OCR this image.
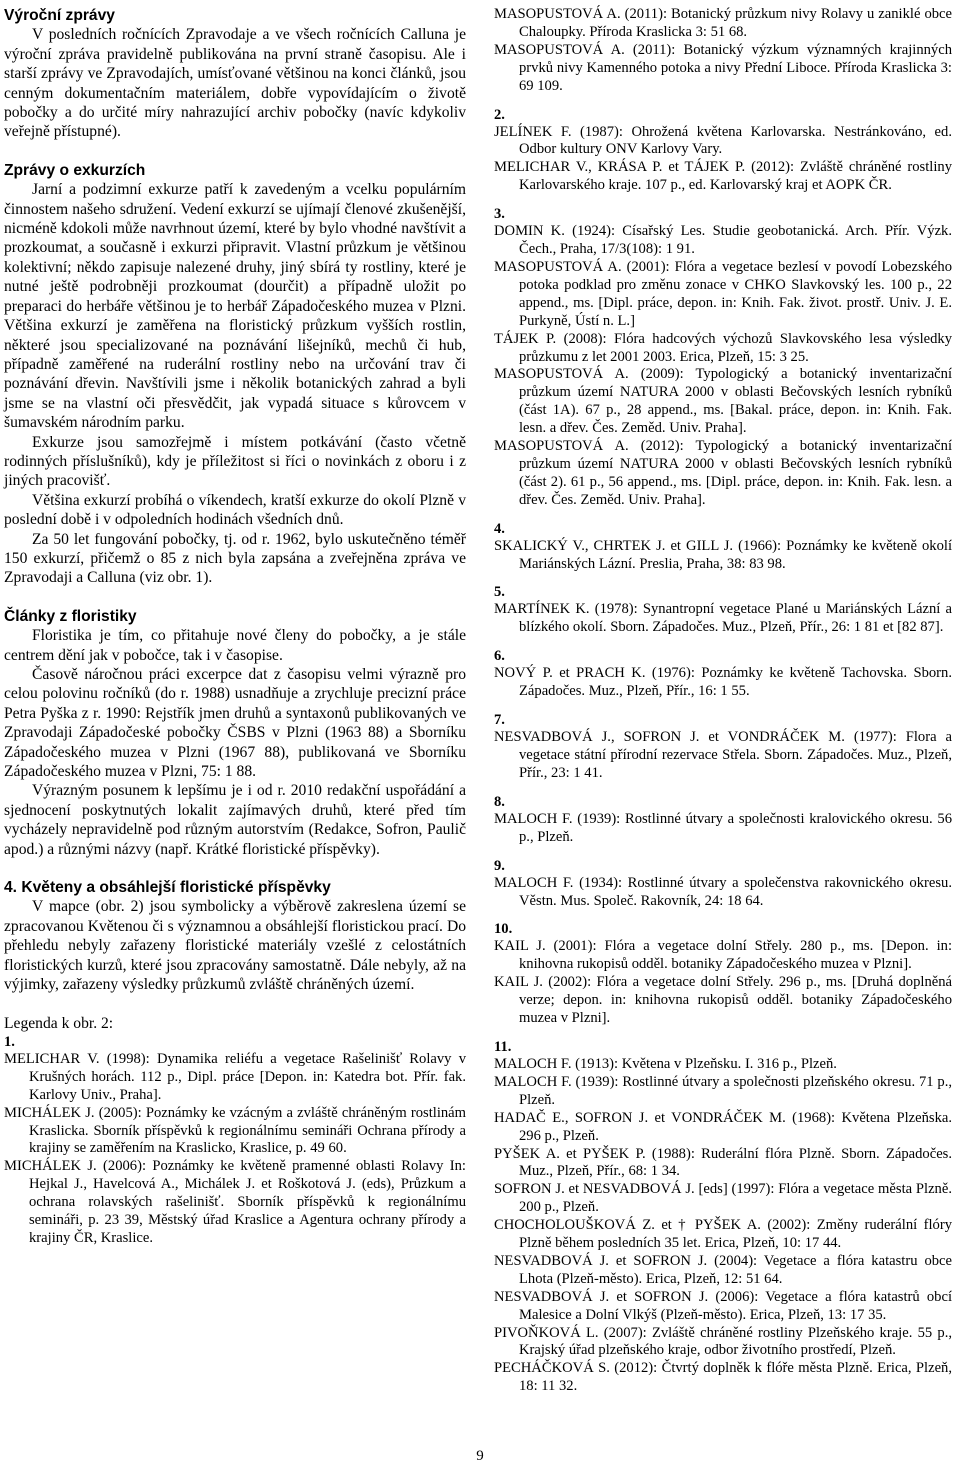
Výroční zprávy

V posledních ročnících Zpravodaje a ve všech ročnících Calluna je výroční zpráva pravidelně publikována na první straně časopisu. Ale i starší zprávy ve Zpravodajích, umísťované většinou na konci článků, jsou cenným dokumentačním materiálem, dobře vypovídajícím o životě pobočky a do určité míry nahrazující archiv pobočky (navíc kdykoliv veřejně přístupné).

Zprávy o exkurzích

Jarní a podzimní exkurze patří k zavedeným a vcelku populárním činnostem našeho sdružení. Vedení exkurzí se ujímají členové zkušenější, nicméně kdokoli může navrhnout území, které by bylo vhodné navštívit a prozkoumat, a současně i exkurzi připravit. Vlastní průzkum je většinou kolektivní; někdo zapisuje nalezené druhy, jiný sbírá ty rostliny, které je nutné ještě podrobněji prozkoumat (dourčit) a případně uložit po preparaci do herbáře většinou je to herbář Západočeského muzea v Plzni. Většina exkurzí je zaměřena na floristický průzkum vyšších rostlin, některé jsou specializované na poznávání lišejníků, mechů či hub, případně zaměřené na ruderální rostliny nebo na určování trav či poznávání dřevin. Navštívili jsme i několik botanických zahrad a byli jsme se na vlastní oči přesvědčit, jak vypadá situace s kůrovcem v šumavském národním parku.

Exkurze jsou samozřejmě i místem potkávání (často včetně rodinných příslušníků), kdy je příležitost si říci o novinkách z oboru i z jiných pracovišť.

Většina exkurzí probíhá o víkendech, kratší exkurze do okolí Plzně v poslední době i v odpoledních hodinách všedních dnů.

Za 50 let fungování pobočky, tj. od r. 1962, bylo uskutečněno téměř 150 exkurzí, přičemž o 85 z nich byla zapsána a zveřejněna zpráva ve Zpravodaji a Calluna (viz obr. 1).

Články z floristiky

Floristika je tím, co přitahuje nové členy do pobočky, a je stále centrem dění jak v pobočce, tak i v časopise.

Časově náročnou práci excerpce dat z časopisu velmi výrazně pro celou polovinu ročníků (do r. 1988) usnadňuje a zrychluje precizní práce Petra Pyška z r. 1990: Rejstřík jmen druhů a syntaxonů publikovaných ve Zpravodaji Západočeské pobočky ČSBS v Plzni (1963 88) a Sborníku Západočeského muzea v Plzni (1967 88), publikovaná ve Sborníku Západočeského muzea v Plzni, 75: 1 88.

Výrazným posunem k lepšímu je i od r. 2010 redakční uspořádání a sjednocení poskytnutých lokalit zajímavých druhů, které před tím vycházely nepravidelně pod různým autorstvím (Redakce, Sofron, Paulič apod.) a různými názvy (např. Krátké floristické příspěvky).

4. Květeny a obsáhlejší floristické příspěvky

V mapce (obr. 2) jsou symbolicky a výběrově zakreslena území se zpracovanou Květenou či s významnou a obsáhlejší floristickou prací. Do přehledu nebyly zařazeny floristické materiály vzešlé z celostátních floristických kurzů, které jsou zpracovány samostatně. Dále nebyly, až na výjimky, zařazeny výsledky průzkumů zvláště chráněných území.

Legenda k obr. 2:

1.

MELICHAR V. (1998): Dynamika reliéfu a vegetace Rašelinišť Rolavy v Krušných horách. 112 p., Dipl. práce [Depon. in: Katedra bot. Přír. fak. Karlovy Univ., Praha].

MICHÁLEK J. (2005): Poznámky ke vzácným a zvláště chráněným rostlinám Kraslicka. Sborník příspěvků k regionálnímu semináři Ochrana přírody a krajiny se zaměřením na Kraslicko, Kraslice, p. 49 60.

MICHÁLEK J. (2006): Poznámky ke květeně pramenné oblasti Rolavy In: Hejkal J., Havelcová A., Michálek J. et Roškotová J. (eds), Průzkum a ochrana rolavských rašelinišť. Sborník příspěvků k regionálnímu semináři, p. 23 39, Městský úřad Kraslice a Agentura ochrany přírody a krajiny ČR, Kraslice.

MASOPUSTOVÁ A. (2011): Botanický průzkum nivy Rolavy u zaniklé obce Chaloupky. Příroda Kraslicka 3: 51 68.

MASOPUSTOVÁ A. (2011): Botanický výzkum významných krajinných prvků nivy Kamenného potoka a nivy Přední Liboce. Příroda Kraslicka 3: 69 109.

2.

JELÍNEK F. (1987): Ohrožená květena Karlovarska. Nestránkováno, ed. Odbor kultury ONV Karlovy Vary.

MELICHAR V., KRÁSA P. et TÁJEK P. (2012): Zvláště chráněné rostliny Karlovarského kraje. 107 p., ed. Karlovarský kraj et AOPK ČR.

3.

DOMIN K. (1924): Císařský Les. Studie geobotanická. Arch. Přír. Výzk. Čech., Praha, 17/3(108): 1 91.

MASOPUSTOVÁ A. (2001): Flóra a vegetace bezlesí v povodí Lobezského potoka podklad pro změnu zonace v CHKO Slavkovský les. 100 p., 22 append., ms. [Dipl. práce, depon. in: Knih. Fak. život. prostř. Univ. J. E. Purkyně, Ústí n. L.]

TÁJEK P. (2008): Flóra hadcových výchozů Slavkovského lesa výsledky průzkumu z let 2001 2003. Erica, Plzeň, 15: 3 25.

MASOPUSTOVÁ A. (2009): Typologický a botanický inventarizační průzkum území NATURA 2000 v oblasti Bečovských lesních rybníků (část 1A). 67 p., 28 append., ms. [Bakal. práce, depon. in: Knih. Fak. lesn. a dřev. Čes. Zeměd. Univ. Praha].

MASOPUSTOVÁ A. (2012): Typologický a botanický inventarizační průzkum území NATURA 2000 v oblasti Bečovských lesních rybníků (část 2). 61 p., 56 append., ms. [Dipl. práce, depon. in: Knih. Fak. lesn. a dřev. Čes. Zeměd. Univ. Praha].

4.

SKALICKÝ V., CHRTEK J. et GILL J. (1966): Poznámky ke květeně okolí Mariánských Lázní. Preslia, Praha, 38: 83 98.

5.

MARTÍNEK K. (1978): Synantropní vegetace Plané u Mariánských Lázní a blízkého okolí. Sborn. Západočes. Muz., Plzeň, Přír., 26: 1 81 et [82 87].

6.

NOVÝ P. et PRACH K. (1976): Poznámky ke květeně Tachovska. Sborn. Západočes. Muz., Plzeň, Přír., 16: 1 55.

7.

NESVADBOVÁ J., SOFRON J. et VONDRÁČEK M. (1977): Flora a vegetace státní přírodní rezervace Střela. Sborn. Západočes. Muz., Plzeň, Přír., 23: 1 41.

8.

MALOCH F. (1939): Rostlinné útvary a společnosti kralovického okresu. 56 p., Plzeň.

9.

MALOCH F. (1934): Rostlinné útvary a společenstva rakovnického okresu. Věstn. Mus. Společ. Rakovník, 24: 18 64.

10.

KAIL J. (2001): Flóra a vegetace dolní Střely. 280 p., ms. [Depon. in: knihovna rukopisů odděl. botaniky Západočeského muzea v Plzni].

KAIL J. (2002): Flóra a vegetace dolní Střely. 296 p., ms. [Druhá doplněná verze; depon. in: knihovna rukopisů odděl. botaniky Západočeského muzea v Plzni].

11.

MALOCH F. (1913): Květena v Plzeňsku. I. 316 p., Plzeň.

MALOCH F. (1939): Rostlinné útvary a společnosti plzeňského okresu. 71 p., Plzeň.

HADAČ E., SOFRON J. et VONDRÁČEK M. (1968): Květena Plzeňska. 296 p., Plzeň.

PYŠEK A. et PYŠEK P. (1988): Ruderální flóra Plzně. Sborn. Západočes. Muz., Plzeň, Přír., 68: 1 34.

SOFRON J. et NESVADBOVÁ J. [eds] (1997): Flóra a vegetace města Plzně. 200 p., Plzeň.

CHOCHOLOUŠKOVÁ Z. et † PYŠEK A. (2002): Změny ruderální flóry Plzně během posledních 35 let. Erica, Plzeň, 10: 17 44.

NESVADBOVÁ J. et SOFRON J. (2004): Vegetace a flóra katastru obce Lhota (Plzeň-město). Erica, Plzeň, 12: 51 64.

NESVADBOVÁ J. et SOFRON J. (2006): Vegetace a flóra katastrů obcí Malesice a Dolní Vlkýš (Plzeň-město). Erica, Plzeň, 13: 17 35.

PIVOŇKOVÁ L. (2007): Zvláště chráněné rostliny Plzeňského kraje. 55 p., Krajský úřad plzeňského kraje, odbor životního prostředí, Plzeň.

PECHÁČKOVÁ S. (2012): Čtvrtý doplněk k flóře města Plzně. Erica, Plzeň, 18: 11 32.

9
